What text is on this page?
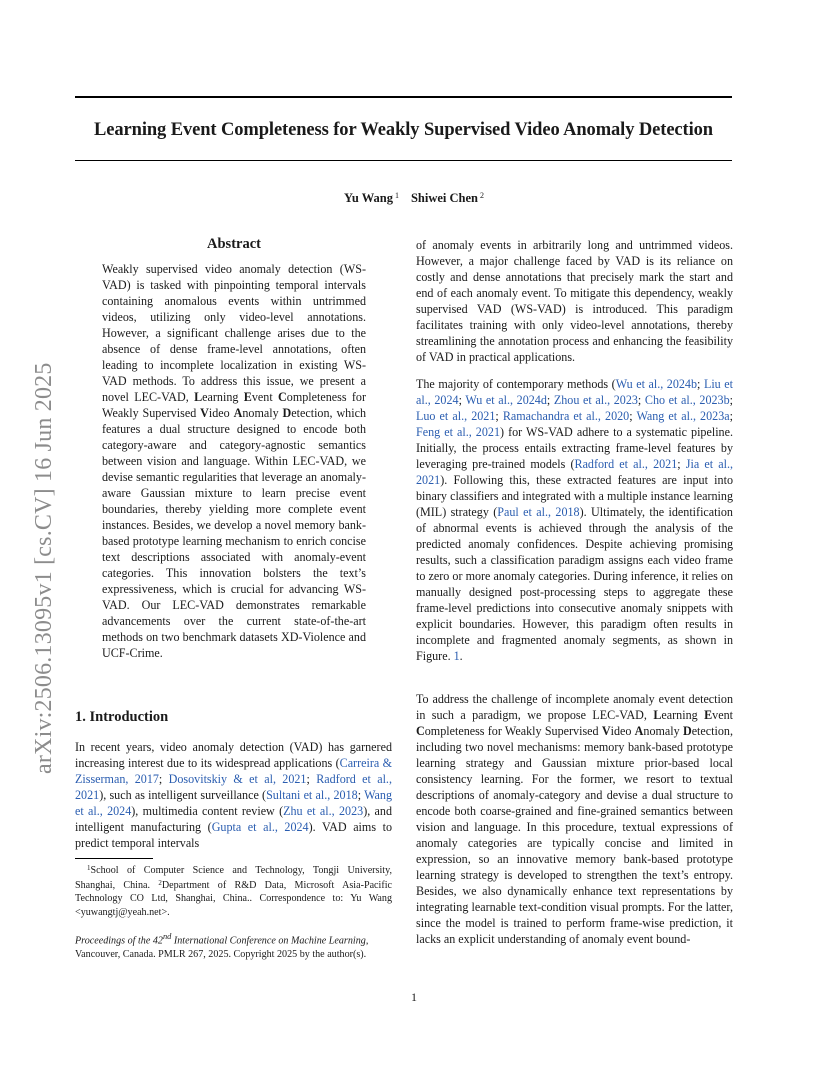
arXiv:2506.13095v1 [cs.CV] 16 Jun 2025
Learning Event Completeness for Weakly Supervised Video Anomaly Detection
Yu Wang $^1$ Shiwei Chen $^2$
Abstract
Weakly supervised video anomaly detection (WS-VAD) is tasked with pinpointing temporal intervals containing anomalous events within untrimmed videos, utilizing only video-level annotations. However, a significant challenge arises due to the absence of dense frame-level annotations, often leading to incomplete localization in existing WS-VAD methods. To address this issue, we present a novel LEC-VAD, Learning Event Completeness for Weakly Supervised Video Anomaly Detection, which features a dual structure designed to encode both category-aware and category-agnostic semantics between vision and language. Within LEC-VAD, we devise semantic regularities that leverage an anomaly-aware Gaussian mixture to learn precise event boundaries, thereby yielding more complete event instances. Besides, we develop a novel memory bank-based prototype learning mechanism to enrich concise text descriptions associated with anomaly-event categories. This innovation bolsters the text’s expressiveness, which is crucial for advancing WS-VAD. Our LEC-VAD demonstrates remarkable advancements over the current state-of-the-art methods on two benchmark datasets XD-Violence and UCF-Crime.
1. Introduction
In recent years, video anomaly detection (VAD) has garnered increasing interest due to its widespread applications (Carreira & Zisserman, 2017; Dosovitskiy & et al, 2021; Radford et al., 2021), such as intelligent surveillance (Sultani et al., 2018; Wang et al., 2024), multimedia content review (Zhu et al., 2023), and intelligent manufacturing (Gupta et al., 2024). VAD aims to predict temporal intervals
$^1$School of Computer Science and Technology, Tongji University, Shanghai, China. $^2$Department of R&D Data, Microsoft Asia-Pacific Technology CO Ltd, Shanghai, China.. Correspondence to: Yu Wang <yuwangtj@yeah.net>.
Proceedings of the 42nd International Conference on Machine Learning, Vancouver, Canada. PMLR 267, 2025. Copyright 2025 by the author(s).

of anomaly events in arbitrarily long and untrimmed videos. However, a major challenge faced by VAD is its reliance on costly and dense annotations that precisely mark the start and end of each anomaly event. To mitigate this dependency, weakly supervised VAD (WS-VAD) is introduced. This paradigm facilitates training with only video-level annotations, thereby streamlining the annotation process and enhancing the feasibility of VAD in practical applications.

The majority of contemporary methods (Wu et al., 2024b; Liu et al., 2024; Wu et al., 2024d; Zhou et al., 2023; Cho et al., 2023b; Luo et al., 2021; Ramachandra et al., 2020; Wang et al., 2023a; Feng et al., 2021) for WS-VAD adhere to a systematic pipeline. Initially, the process entails extracting frame-level features by leveraging pre-trained models (Radford et al., 2021; Jia et al., 2021). Following this, these extracted features are input into binary classifiers and integrated with a multiple instance learning (MIL) strategy (Paul et al., 2018). Ultimately, the identification of abnormal events is achieved through the analysis of the predicted anomaly confidences. Despite achieving promising results, such a classification paradigm assigns each video frame to zero or more anomaly categories. During inference, it relies on manually designed post-processing steps to aggregate these frame-level predictions into consecutive anomaly snippets with explicit boundaries. However, this paradigm often results in incomplete and fragmented anomaly segments, as shown in Figure. 1.

To address the challenge of incomplete anomaly event detection in such a paradigm, we propose LEC-VAD, Learning Event Completeness for Weakly Supervised Video Anomaly Detection, including two novel mechanisms: memory bank-based prototype learning strategy and Gaussian mixture prior-based local consistency learning. For the former, we resort to textual descriptions of anomaly-category and devise a dual structure to encode both coarse-grained and fine-grained semantics between vision and language. In this procedure, textual expressions of anomaly categories are typically concise and limited in expression, so an innovative memory bank-based prototype learning strategy is developed to strengthen the text’s entropy. Besides, we also dynamically enhance text representations by integrating learnable text-condition visual prompts. For the latter, since the model is trained to perform frame-wise prediction, it lacks an explicit understanding of anomaly event bound-

1
